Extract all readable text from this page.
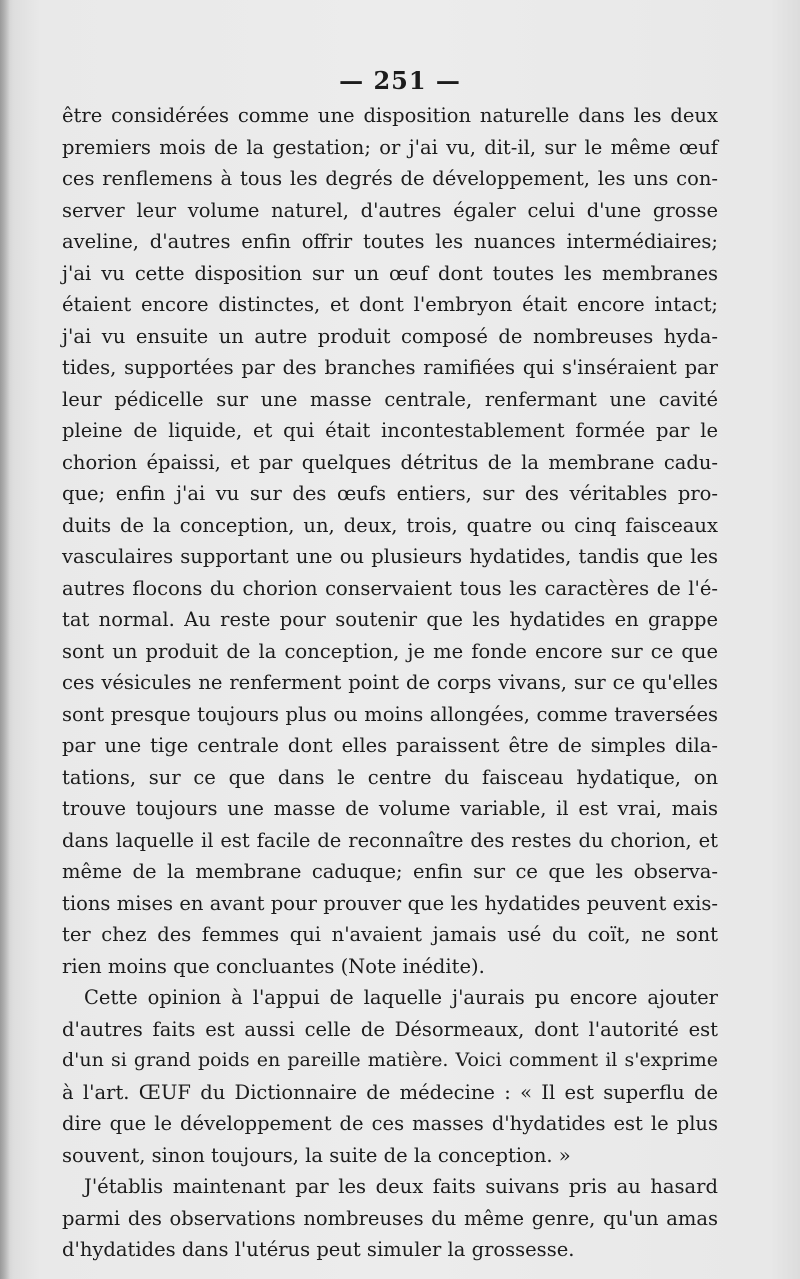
— 251 —
être considérées comme une disposition naturelle dans les deux
premiers mois de la gestation; or j'ai vu, dit-il, sur le même œuf
ces renflemens à tous les degrés de développement, les uns con-
server leur volume naturel, d'autres égaler celui d'une grosse
aveline, d'autres enfin offrir toutes les nuances intermédiaires;
j'ai vu cette disposition sur un œuf dont toutes les membranes
étaient encore distinctes, et dont l'embryon était encore intact;
j'ai vu ensuite un autre produit composé de nombreuses hyda-
tides, supportées par des branches ramifiées qui s'inséraient par
leur pédicelle sur une masse centrale, renfermant une cavité
pleine de liquide, et qui était incontestablement formée par le
chorion épaissi, et par quelques détritus de la membrane cadu-
que; enfin j'ai vu sur des œufs entiers, sur des véritables pro-
duits de la conception, un, deux, trois, quatre ou cinq faisceaux
vasculaires supportant une ou plusieurs hydatides, tandis que les
autres flocons du chorion conservaient tous les caractères de l'é-
tat normal. Au reste pour soutenir que les hydatides en grappe
sont un produit de la conception, je me fonde encore sur ce que
ces vésicules ne renferment point de corps vivans, sur ce qu'elles
sont presque toujours plus ou moins allongées, comme traversées
par une tige centrale dont elles paraissent être de simples dila-
tations, sur ce que dans le centre du faisceau hydatique, on
trouve toujours une masse de volume variable, il est vrai, mais
dans laquelle il est facile de reconnaître des restes du chorion, et
même de la membrane caduque; enfin sur ce que les observa-
tions mises en avant pour prouver que les hydatides peuvent exis-
ter chez des femmes qui n'avaient jamais usé du coït, ne sont
rien moins que concluantes (Note inédite).
Cette opinion à l'appui de laquelle j'aurais pu encore ajouter
d'autres faits est aussi celle de Désormeaux, dont l'autorité est
d'un si grand poids en pareille matière. Voici comment il s'exprime
à l'art. ŒUF du Dictionnaire de médecine : « Il est superflu de
dire que le développement de ces masses d'hydatides est le plus
souvent, sinon toujours, la suite de la conception. »
J'établis maintenant par les deux faits suivans pris au hasard
parmi des observations nombreuses du même genre, qu'un amas
d'hydatides dans l'utérus peut simuler la grossesse.
